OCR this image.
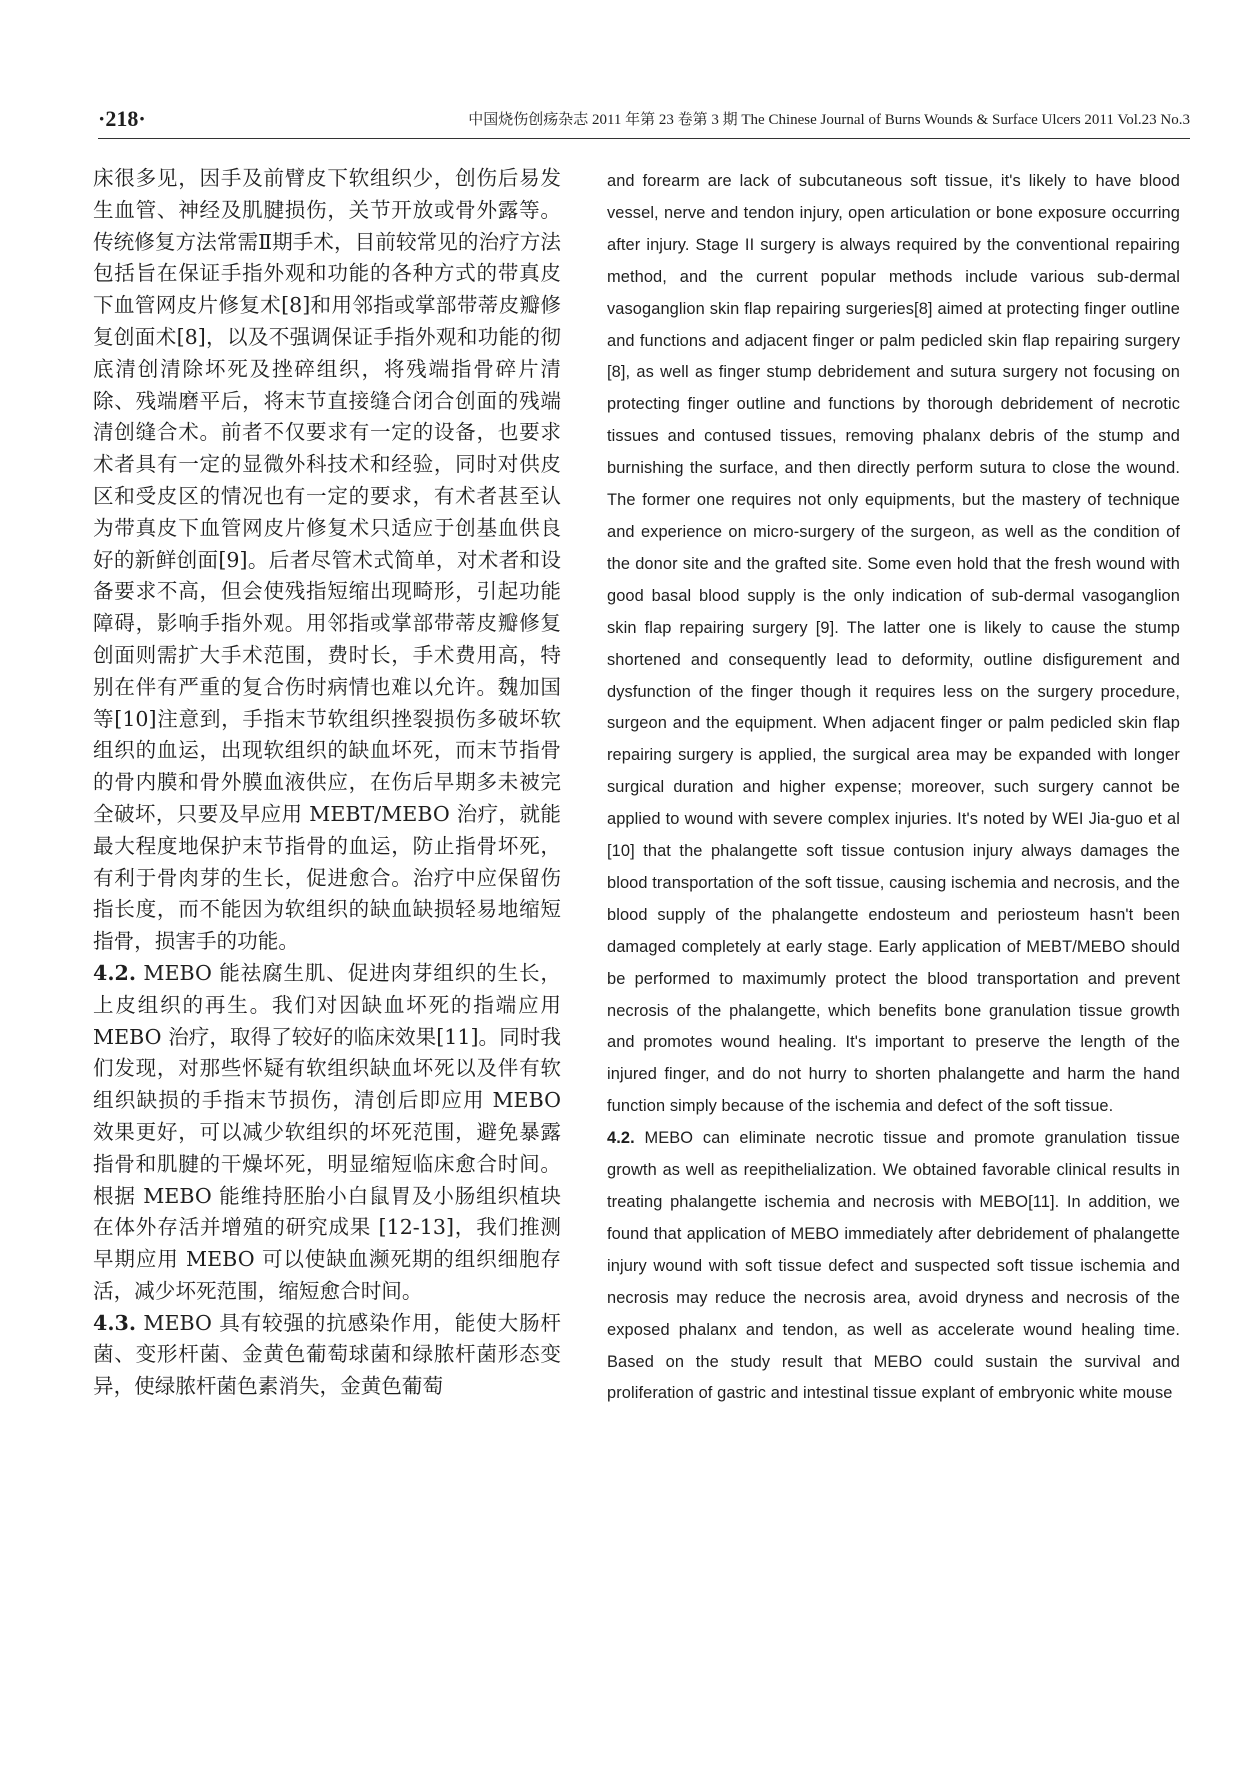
·218·	中国烧伤创疡杂志 2011 年第 23 卷第 3 期 The Chinese Journal of Burns Wounds & Surface Ulcers 2011 Vol.23 No.3

床很多见，因手及前臂皮下软组织少，创伤后易发生血管、神经及肌腱损伤，关节开放或骨外露等。传统修复方法常需Ⅱ期手术，目前较常见的治疗方法包括旨在保证手指外观和功能的各种方式的带真皮下血管网皮片修复术[8]和用邻指或掌部带蒂皮瓣修复创面术[8]，以及不强调保证手指外观和功能的彻底清创清除坏死及挫碎组织，将残端指骨碎片清除、残端磨平后，将末节直接缝合闭合创面的残端清创缝合术。前者不仅要求有一定的设备，也要求术者具有一定的显微外科技术和经验，同时对供皮区和受皮区的情况也有一定的要求，有术者甚至认为带真皮下血管网皮片修复术只适应于创基血供良好的新鲜创面[9]。后者尽管术式简单，对术者和设备要求不高，但会使残指短缩出现畸形，引起功能障碍，影响手指外观。用邻指或掌部带蒂皮瓣修复创面则需扩大手术范围，费时长，手术费用高，特别在伴有严重的复合伤时病情也难以允许。魏加国等[10]注意到，手指末节软组织挫裂损伤多破坏软组织的血运，出现软组织的缺血坏死，而末节指骨的骨内膜和骨外膜血液供应，在伤后早期多未被完全破坏，只要及早应用 MEBT/MEBO 治疗，就能最大程度地保护末节指骨的血运，防止指骨坏死，有利于骨肉芽的生长，促进愈合。治疗中应保留伤指长度，而不能因为软组织的缺血缺损轻易地缩短指骨，损害手的功能。

4.2. MEBO 能祛腐生肌、促进肉芽组织的生长，上皮组织的再生。我们对因缺血坏死的指端应用 MEBO 治疗，取得了较好的临床效果[11]。同时我们发现，对那些怀疑有软组织缺血坏死以及伴有软组织缺损的手指末节损伤，清创后即应用 MEBO 效果更好，可以减少软组织的坏死范围，避免暴露指骨和肌腱的干燥坏死，明显缩短临床愈合时间。根据 MEBO 能维持胚胎小白鼠胃及小肠组织植块在体外存活并增殖的研究成果 [12-13]，我们推测早期应用 MEBO 可以使缺血濒死期的组织细胞存活，减少坏死范围，缩短愈合时间。

4.3. MEBO 具有较强的抗感染作用，能使大肠杆菌、变形杆菌、金黄色葡萄球菌和绿脓杆菌形态变异，使绿脓杆菌色素消失，金黄色葡萄

and forearm are lack of subcutaneous soft tissue, it's likely to have blood vessel, nerve and tendon injury, open articulation or bone exposure occurring after injury. Stage II surgery is always required by the conventional repairing method, and the current popular methods include various sub-dermal vasoganglion skin flap repairing surgeries[8] aimed at protecting finger outline and functions and adjacent finger or palm pedicled skin flap repairing surgery [8], as well as finger stump debridement and sutura surgery not focusing on protecting finger outline and functions by thorough debridement of necrotic tissues and contused tissues, removing phalanx debris of the stump and burnishing the surface, and then directly perform sutura to close the wound. The former one requires not only equipments, but the mastery of technique and experience on micro-surgery of the surgeon, as well as the condition of the donor site and the grafted site. Some even hold that the fresh wound with good basal blood supply is the only indication of sub-dermal vasoganglion skin flap repairing surgery [9]. The latter one is likely to cause the stump shortened and consequently lead to deformity, outline disfigurement and dysfunction of the finger though it requires less on the surgery procedure, surgeon and the equipment. When adjacent finger or palm pedicled skin flap repairing surgery is applied, the surgical area may be expanded with longer surgical duration and higher expense; moreover, such surgery cannot be applied to wound with severe complex injuries. It's noted by WEI Jia-guo et al [10] that the phalangette soft tissue contusion injury always damages the blood transportation of the soft tissue, causing ischemia and necrosis, and the blood supply of the phalangette endosteum and periosteum hasn't been damaged completely at early stage. Early application of MEBT/MEBO should be performed to maximumly protect the blood transportation and prevent necrosis of the phalangette, which benefits bone granulation tissue growth and promotes wound healing. It's important to preserve the length of the injured finger, and do not hurry to shorten phalangette and harm the hand function simply because of the ischemia and defect of the soft tissue.

4.2. MEBO can eliminate necrotic tissue and promote granulation tissue growth as well as reepithelialization. We obtained favorable clinical results in treating phalangette ischemia and necrosis with MEBO[11]. In addition, we found that application of MEBO immediately after debridement of phalangette injury wound with soft tissue defect and suspected soft tissue ischemia and necrosis may reduce the necrosis area, avoid dryness and necrosis of the exposed phalanx and tendon, as well as accelerate wound healing time. Based on the study result that MEBO could sustain the survival and proliferation of gastric and intestinal tissue explant of embryonic white mouse
